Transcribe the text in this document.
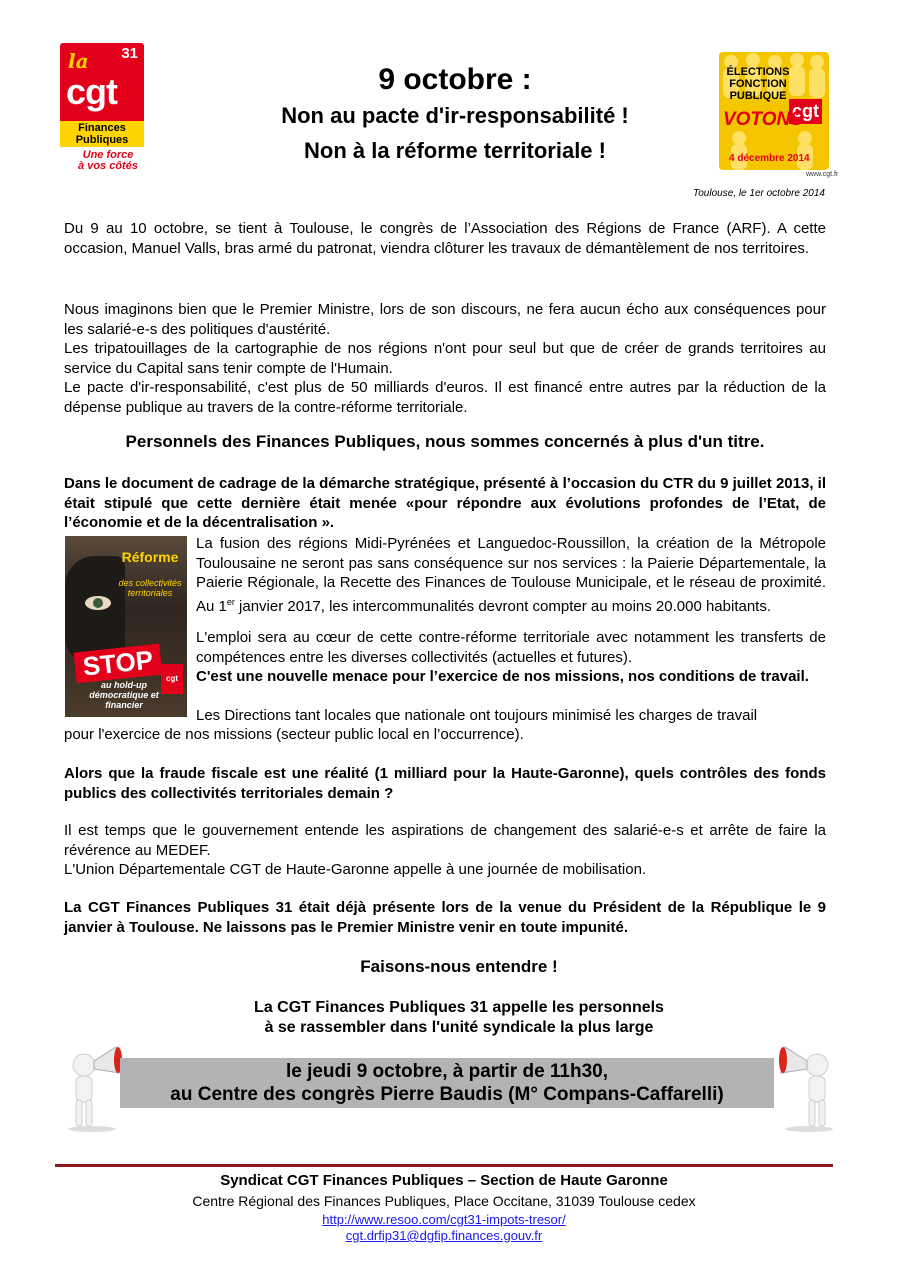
la 31
cgt
Finances
Publiques
Une force
à vos côtés
9 octobre :
Non au pacte d'ir-responsabilité !
Non à la réforme territoriale !
ÉLECTIONS
FONCTION
PUBLIQUE
cgt
VOTONS
4 décembre 2014
www.cgt.fr
Toulouse, le 1er octobre 2014
Du 9 au 10 octobre, se tient à Toulouse, le congrès de l’Association des Régions de France (ARF). A cette occasion, Manuel Valls, bras armé du patronat, viendra clôturer les travaux de démantèlement de nos territoires.

Nous imaginons bien que le Premier Ministre, lors de son discours, ne fera aucun écho aux conséquences pour les salarié-e-s des politiques d'austérité.

Les tripatouillages de la cartographie de nos régions n'ont pour seul but que de créer de grands territoires au service du Capital sans tenir compte de l'Humain.

Le pacte d'ir-responsabilité, c'est plus de 50 milliards d'euros. Il est financé entre autres par la réduction de la dépense publique au travers de la contre-réforme territoriale.

Personnels des Finances Publiques, nous sommes concernés à plus d'un titre.
Dans le document de cadrage de la démarche stratégique, présenté à l’occasion du CTR du 9 juillet 2013, il était stipulé que cette dernière était menée «pour répondre aux évolutions profondes de l’Etat, de l’économie et de la décentralisation ».
Réforme
des collectivités territoriales
STOP
au hold-up démocratique et financier
cgt
La fusion des régions Midi-Pyrénées et Languedoc-Roussillon, la création de la Métropole Toulousaine ne seront pas sans conséquence sur nos services : la Paierie Départementale, la Paierie Régionale, la Recette des Finances de Toulouse Municipale, et le réseau de proximité. Au 1er janvier 2017, les intercommunalités devront compter au moins 20.000 habitants.
L'emploi sera au cœur de cette contre-réforme territoriale avec notamment les transferts de compétences entre les diverses collectivités (actuelles et futures).
C'est une nouvelle menace pour l’exercice de nos missions, nos conditions de travail.
Les Directions tant locales que nationale ont toujours minimisé les charges de travail
pour l'exercice de nos missions (secteur public local en l’occurrence).
Alors que la fraude fiscale est une réalité (1 milliard pour la Haute-Garonne), quels contrôles des fonds publics des collectivités territoriales demain ?

Il est temps que le gouvernement entende les aspirations de changement des salarié-e-s et arrête de faire la révérence au MEDEF.

L'Union Départementale CGT de Haute-Garonne appelle à une journée de mobilisation.

La CGT Finances Publiques 31 était déjà présente lors de la venue du Président de la République le 9 janvier à Toulouse. Ne laissons pas le Premier Ministre venir en toute impunité.
Faisons-nous entendre !
La CGT Finances Publiques 31 appelle les personnels
à se rassembler dans l'unité syndicale la plus large
le jeudi 9 octobre, à partir de 11h30,
au Centre des congrès Pierre Baudis (M° Compans-Caffarelli)
Syndicat CGT Finances Publiques – Section de Haute Garonne
Centre Régional des Finances Publiques, Place Occitane, 31039 Toulouse cedex
http://www.resoo.com/cgt31-impots-tresor/
cgt.drfip31@dgfip.finances.gouv.fr
